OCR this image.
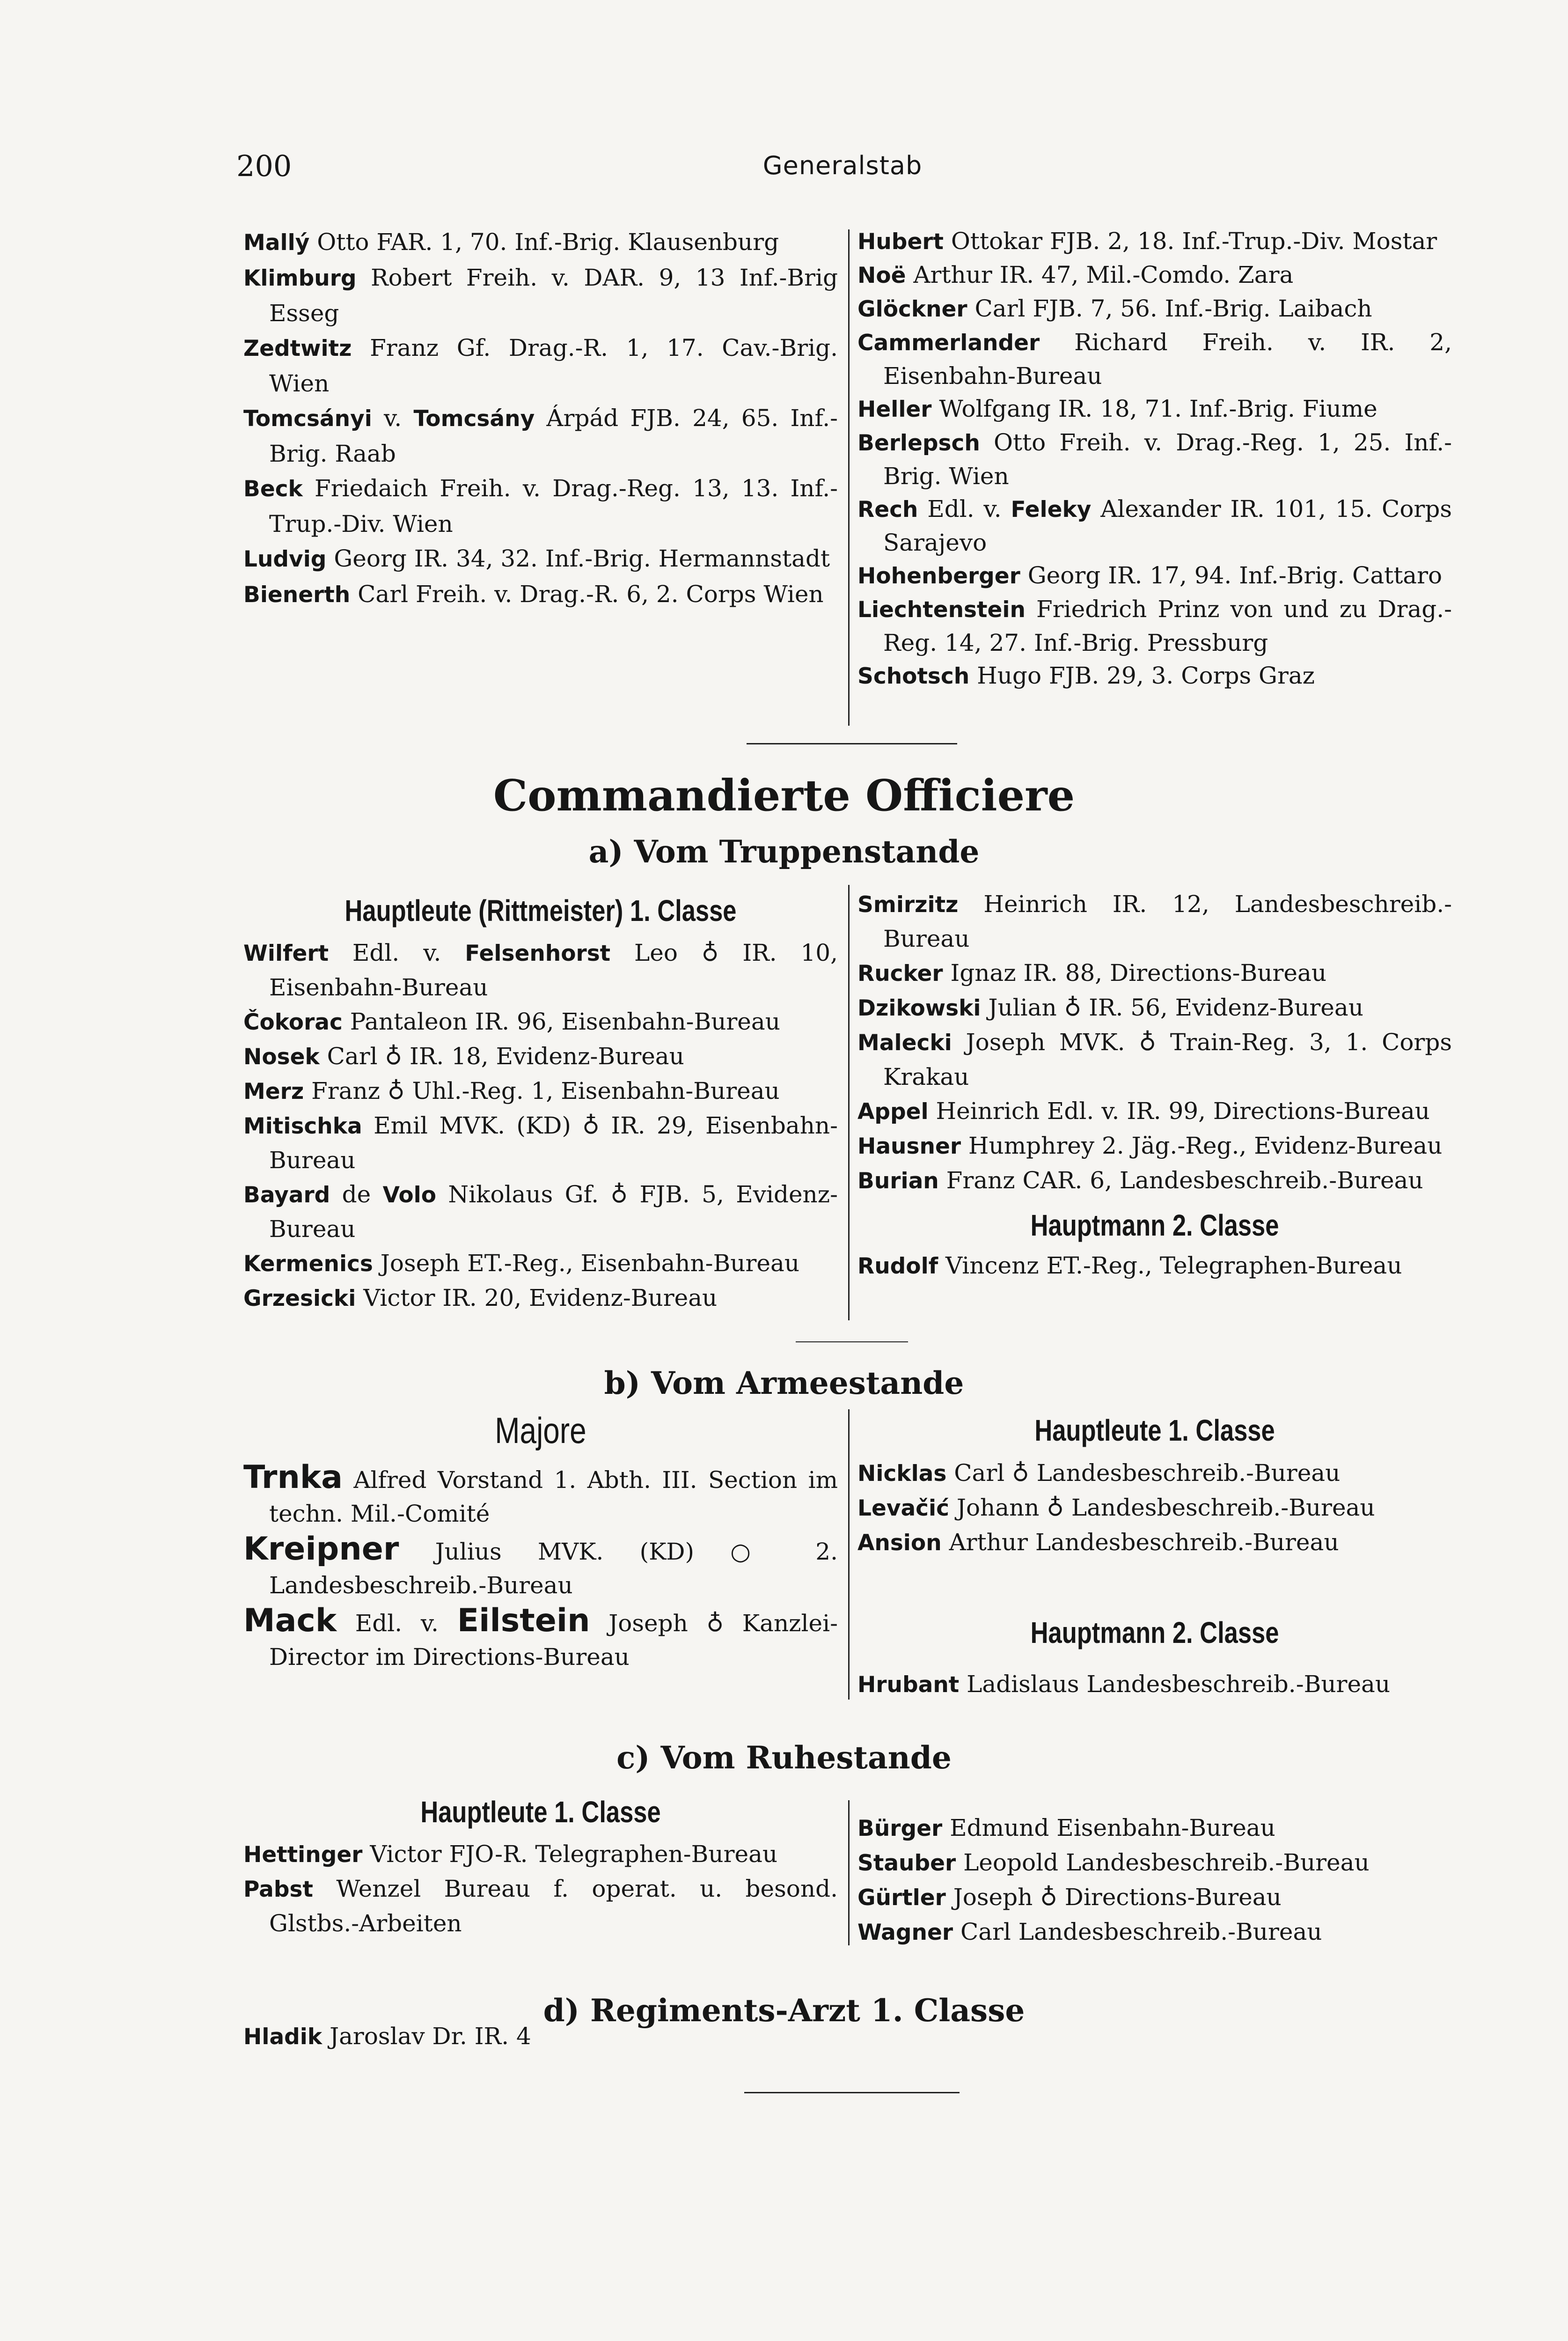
200	Generalstab
Mallý Otto FAR. 1, 70. Inf.-Brig. Klausenburg
Klimburg Robert Freih. v. DAR. 9, 13 Inf.-Brig Esseg
Zedtwitz Franz Gf. Drag.-R. 1, 17. Cav.-Brig. Wien
Tomcsányi v. Tomcsány Árpád FJB. 24, 65. Inf.-Brig. Raab
Beck Friedaich Freih. v. Drag.-Reg. 13, 13. Inf.-Trup.-Div. Wien
Ludvig Georg IR. 34, 32. Inf.-Brig. Hermannstadt
Bienerth Carl Freih. v. Drag.-R. 6, 2. Corps Wien
Hubert Ottokar FJB. 2, 18. Inf.-Trup.-Div. Mostar
Noë Arthur IR. 47, Mil.-Comdo. Zara
Glöckner Carl FJB. 7, 56. Inf.-Brig. Laibach
Cammerlander Richard Freih. v. IR. 2, Eisenbahn-Bureau
Heller Wolfgang IR. 18, 71. Inf.-Brig. Fiume
Berlepsch Otto Freih. v. Drag.-Reg. 1, 25. Inf.-Brig. Wien
Rech Edl. v. Feleky Alexander IR. 101, 15. Corps Sarajevo
Hohenberger Georg IR. 17, 94. Inf.-Brig. Cattaro
Liechtenstein Friedrich Prinz von und zu Drag.-Reg. 14, 27. Inf.-Brig. Pressburg
Schotsch Hugo FJB. 29, 3. Corps Graz
Commandierte Officiere
a) Vom Truppenstande
Hauptleute (Rittmeister) 1. Classe
Wilfert Edl. v. Felsenhorst Leo ♁ IR. 10, Eisenbahn-Bureau
Čokorac Pantaleon IR. 96, Eisenbahn-Bureau
Nosek Carl ♁ IR. 18, Evidenz-Bureau
Merz Franz ♁ Uhl.-Reg. 1, Eisenbahn-Bureau
Mitischka Emil MVK. (KD) ♁ IR. 29, Eisenbahn-Bureau
Bayard de Volo Nikolaus Gf. ♁ FJB. 5, Evidenz-Bureau
Kermenics Joseph ET.-Reg., Eisenbahn-Bureau
Grzesicki Victor IR. 20, Evidenz-Bureau
Smirzitz Heinrich IR. 12, Landesbeschreib.-Bureau
Rucker Ignaz IR. 88, Directions-Bureau
Dzikowski Julian ♁ IR. 56, Evidenz-Bureau
Malecki Joseph MVK. ♁ Train-Reg. 3, 1. Corps Krakau
Appel Heinrich Edl. v. IR. 99, Directions-Bureau
Hausner Humphrey 2. Jäg.-Reg., Evidenz-Bureau
Burian Franz CAR. 6, Landesbeschreib.-Bureau
Hauptmann 2. Classe
Rudolf Vincenz ET.-Reg., Telegraphen-Bureau
b) Vom Armeestande
Majore
Trnka Alfred Vorstand 1. Abth. III. Section im techn. Mil.-Comité
Kreipner Julius MVK. (KD) ○ 2. Landesbeschreib.-Bureau
Mack Edl. v. Eilstein Joseph ♁ Kanzlei-Director im Directions-Bureau
Hauptleute 1. Classe
Nicklas Carl ♁ Landesbeschreib.-Bureau
Levačić Johann ♁ Landesbeschreib.-Bureau
Ansion Arthur Landesbeschreib.-Bureau
Hauptmann 2. Classe
Hrubant Ladislaus Landesbeschreib.-Bureau
c) Vom Ruhestande
Hauptleute 1. Classe
Hettinger Victor FJO-R. Telegraphen-Bureau
Pabst Wenzel Bureau f. operat. u. besond. Glstbs.-Arbeiten
Bürger Edmund Eisenbahn-Bureau
Stauber Leopold Landesbeschreib.-Bureau
Gürtler Joseph ♁ Directions-Bureau
Wagner Carl Landesbeschreib.-Bureau
d) Regiments-Arzt 1. Classe
Hladik Jaroslav Dr. IR. 4
